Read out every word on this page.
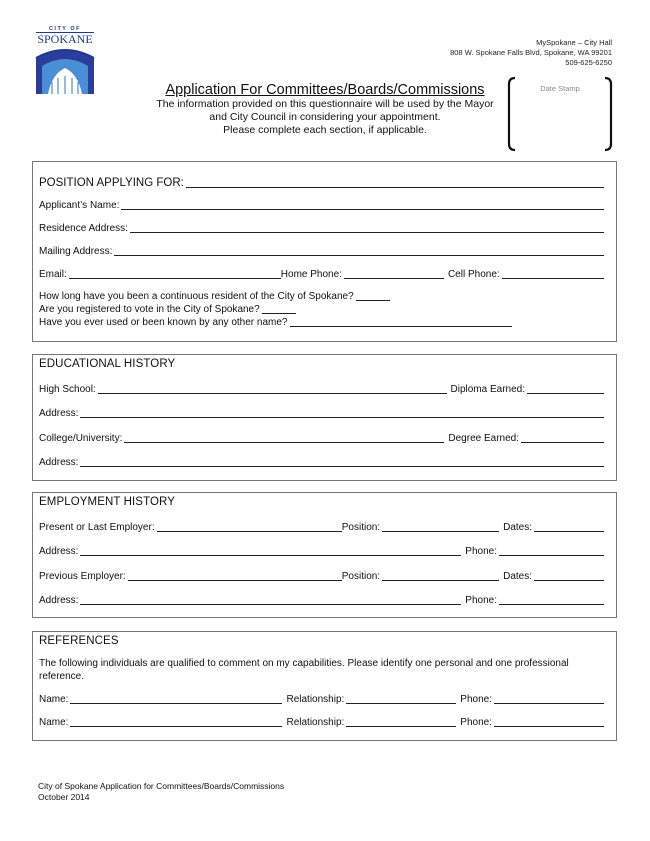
CITY OF
SPOKANE	MySpokane – City Hall
808 W. Spokane Falls Blvd, Spokane, WA 99201
509-625-6250
Application For Committees/Boards/Commissions
The information provided on this questionnaire will be used by the Mayor
and City Council in considering your appointment.
Please complete each section, if applicable.
Date Stamp
POSITION APPLYING FOR:
Applicant’s Name:
Residence Address:
Mailing Address:
Email:	Home Phone:	Cell Phone:
How long have you been a continuous resident of the City of Spokane?
Are you registered to vote in the City of Spokane?
Have you ever used or been known by any other name?
EDUCATIONAL HISTORY
High School:	Diploma Earned:
Address:
College/University:	Degree Earned:
Address:
EMPLOYMENT HISTORY
Present or Last Employer:	Position:	Dates:
Address:	Phone:
Previous Employer:	Position:	Dates:
Address:	Phone:
REFERENCES
The following individuals are qualified to comment on my capabilities. Please identify one personal and one professional reference.
Name:	Relationship:	Phone:
Name:	Relationship:	Phone:
City of Spokane Application for Committees/Boards/Commissions
October 2014
